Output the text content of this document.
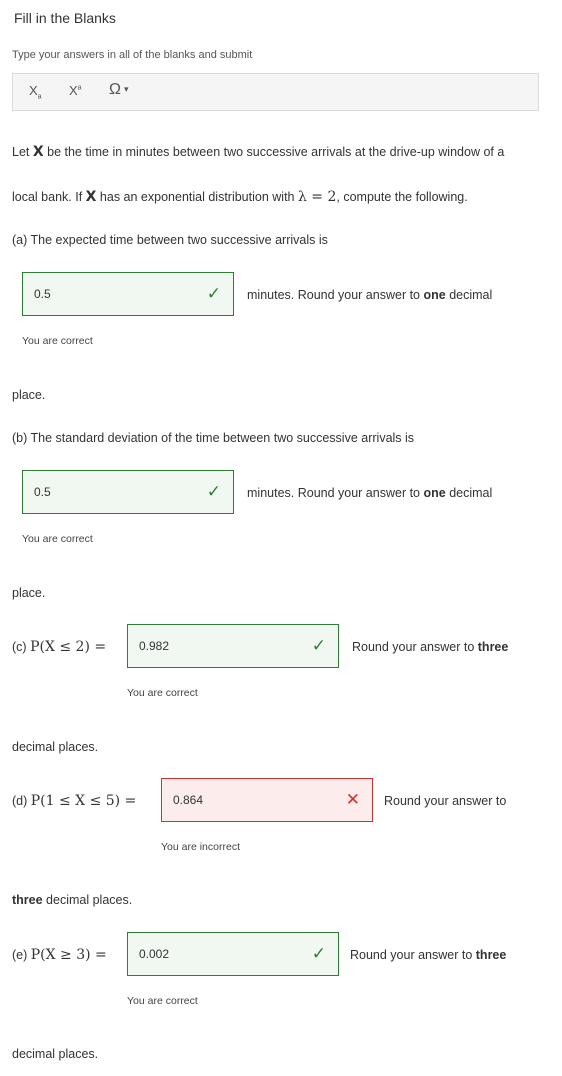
Fill in the Blanks
Type your answers in all of the blanks and submit
$X_a$ $X^a$ Ω ▾
Let X be the time in minutes between two successive arrivals at the drive-up window of a
local bank. If X has an exponential distribution with λ = 2, compute the following.
(a) The expected time between two successive arrivals is
0.5	✓ minutes. Round your answer to one decimal
You are correct
place.
(b) The standard deviation of the time between two successive arrivals is
0.5	✓ minutes. Round your answer to one decimal
You are correct
place.
(c) P(X ≤ 2) =	0.982	✓ Round your answer to three
You are correct
decimal places.
(d) P(1 ≤ X ≤ 5) =	0.864	✕ Round your answer to
You are incorrect
three decimal places.
(e) P(X ≥ 3) =	0.002	✓ Round your answer to three
You are correct
decimal places.
